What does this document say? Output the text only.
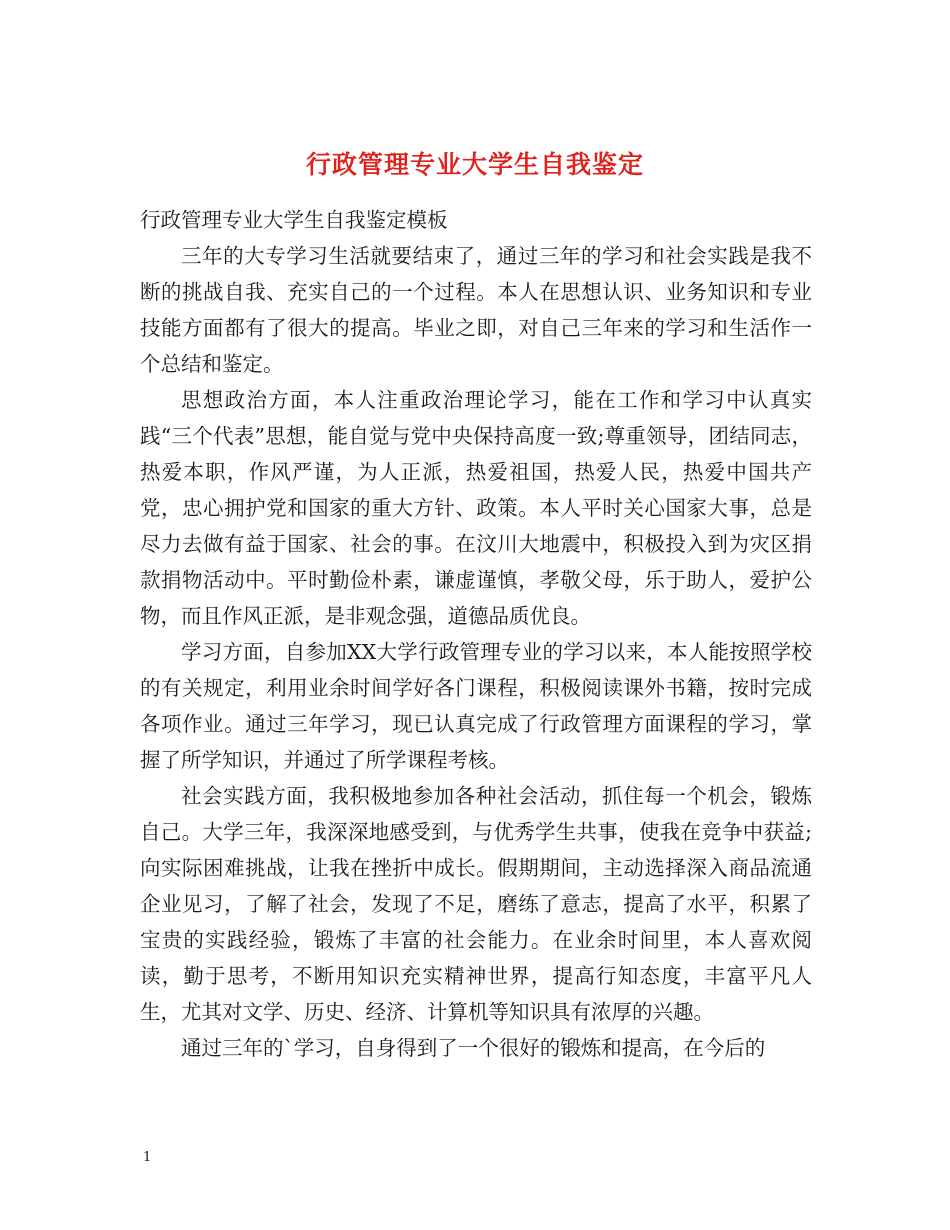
行政管理专业大学生自我鉴定

行政管理专业大学生自我鉴定模板

三年的大专学习生活就要结束了，通过三年的学习和社会实践是我不断的挑战自我、充实自己的一个过程。本人在思想认识、业务知识和专业技能方面都有了很大的提高。毕业之即，对自己三年来的学习和生活作一个总结和鉴定。

思想政治方面，本人注重政治理论学习，能在工作和学习中认真实践“三个代表”思想，能自觉与党中央保持高度一致;尊重领导，团结同志，热爱本职，作风严谨，为人正派，热爱祖国，热爱人民，热爱中国共产党，忠心拥护党和国家的重大方针、政策。本人平时关心国家大事，总是尽力去做有益于国家、社会的事。在汶川大地震中，积极投入到为灾区捐款捐物活动中。平时勤俭朴素，谦虚谨慎，孝敬父母，乐于助人，爱护公物，而且作风正派，是非观念强，道德品质优良。

学习方面，自参加XX大学行政管理专业的学习以来，本人能按照学校的有关规定，利用业余时间学好各门课程，积极阅读课外书籍，按时完成各项作业。通过三年学习，现已认真完成了行政管理方面课程的学习，掌握了所学知识，并通过了所学课程考核。

社会实践方面，我积极地参加各种社会活动，抓住每一个机会，锻炼自己。大学三年，我深深地感受到，与优秀学生共事，使我在竞争中获益;向实际困难挑战，让我在挫折中成长。假期期间，主动选择深入商品流通企业见习，了解了社会，发现了不足，磨练了意志，提高了水平，积累了宝贵的实践经验，锻炼了丰富的社会能力。在业余时间里，本人喜欢阅读，勤于思考，不断用知识充实精神世界，提高行知态度，丰富平凡人生，尤其对文学、历史、经济、计算机等知识具有浓厚的兴趣。

通过三年的`学习，自身得到了一个很好的锻炼和提高，在今后的

1
